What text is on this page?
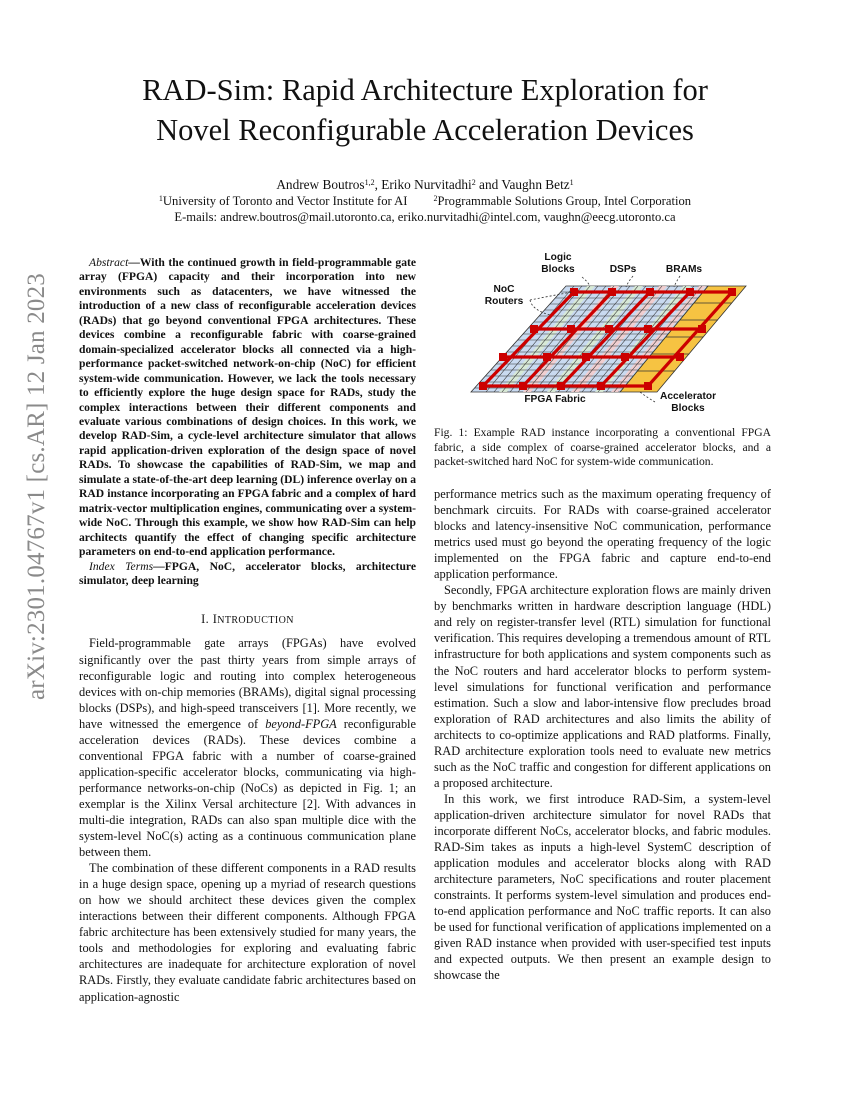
arXiv:2301.04767v1 [cs.AR] 12 Jan 2023
RAD-Sim: Rapid Architecture Exploration for
Novel Reconfigurable Acceleration Devices
Andrew Boutros$^{1,2}$, Eriko Nurvitadhi$^2$ and Vaughn Betz$^1$
$^1$University of Toronto and Vector Institute for AI	$^2$Programmable Solutions Group, Intel Corporation
E-mails: andrew.boutros@mail.utoronto.ca, eriko.nurvitadhi@intel.com, vaughn@eecg.utoronto.ca

Abstract—With the continued growth in field-programmable gate array (FPGA) capacity and their incorporation into new environments such as datacenters, we have witnessed the introduction of a new class of reconfigurable acceleration devices (RADs) that go beyond conventional FPGA architectures. These devices combine a reconfigurable fabric with coarse-grained domain-specialized accelerator blocks all connected via a high-performance packet-switched network-on-chip (NoC) for efficient system-wide communication. However, we lack the tools necessary to efficiently explore the huge design space for RADs, study the complex interactions between their different components and evaluate various combinations of design choices. In this work, we develop RAD-Sim, a cycle-level architecture simulator that allows rapid application-driven exploration of the design space of novel RADs. To showcase the capabilities of RAD-Sim, we map and simulate a state-of-the-art deep learning (DL) inference overlay on a RAD instance incorporating an FPGA fabric and a complex of hard matrix-vector multiplication engines, communicating over a system-wide NoC. Through this example, we show how RAD-Sim can help architects quantify the effect of changing specific architecture parameters on end-to-end application performance.

Index Terms—FPGA, NoC, accelerator blocks, architecture simulator, deep learning

I. INTRODUCTION

Field-programmable gate arrays (FPGAs) have evolved significantly over the past thirty years from simple arrays of reconfigurable logic and routing into complex heterogeneous devices with on-chip memories (BRAMs), digital signal processing blocks (DSPs), and high-speed transceivers [1]. More recently, we have witnessed the emergence of beyond-FPGA reconfigurable acceleration devices (RADs). These devices combine a conventional FPGA fabric with a number of coarse-grained application-specific accelerator blocks, communicating via high-performance networks-on-chip (NoCs) as depicted in Fig. 1; an exemplar is the Xilinx Versal architecture [2]. With advances in multi-die integration, RADs can also span multiple dice with the system-level NoC(s) acting as a continuous communication plane between them.

The combination of these different components in a RAD results in a huge design space, opening up a myriad of research questions on how we should architect these devices given the complex interactions between their different components. Although FPGA fabric architecture has been extensively studied for many years, the tools and methodologies for exploring and evaluating fabric architectures are inadequate for architecture exploration of novel RADs. Firstly, they evaluate candidate fabric architectures based on application-agnostic

Logic Blocks	DSPs	BRAMs
NoC Routers
FPGA Fabric	Accelerator Blocks
Fig. 1: Example RAD instance incorporating a conventional FPGA fabric, a side complex of coarse-grained accelerator blocks, and a packet-switched hard NoC for system-wide communication.

performance metrics such as the maximum operating frequency of benchmark circuits. For RADs with coarse-grained accelerator blocks and latency-insensitive NoC communication, performance metrics used must go beyond the operating frequency of the logic implemented on the FPGA fabric and capture end-to-end application performance.

Secondly, FPGA architecture exploration flows are mainly driven by benchmarks written in hardware description language (HDL) and rely on register-transfer level (RTL) simulation for functional verification. This requires developing a tremendous amount of RTL infrastructure for both applications and system components such as the NoC routers and hard accelerator blocks to perform system-level simulations for functional verification and performance estimation. Such a slow and labor-intensive flow precludes broad exploration of RAD architectures and also limits the ability of architects to co-optimize applications and RAD platforms. Finally, RAD architecture exploration tools need to evaluate new metrics such as the NoC traffic and congestion for different applications on a proposed architecture.

In this work, we first introduce RAD-Sim, a system-level application-driven architecture simulator for novel RADs that incorporate different NoCs, accelerator blocks, and fabric modules. RAD-Sim takes as inputs a high-level SystemC description of application modules and accelerator blocks along with RAD architecture parameters, NoC specifications and router placement constraints. It performs system-level simulation and produces end-to-end application performance and NoC traffic reports. It can also be used for functional verification of applications implemented on a given RAD instance when provided with user-specified test inputs and expected outputs. We then present an example design to showcase the
